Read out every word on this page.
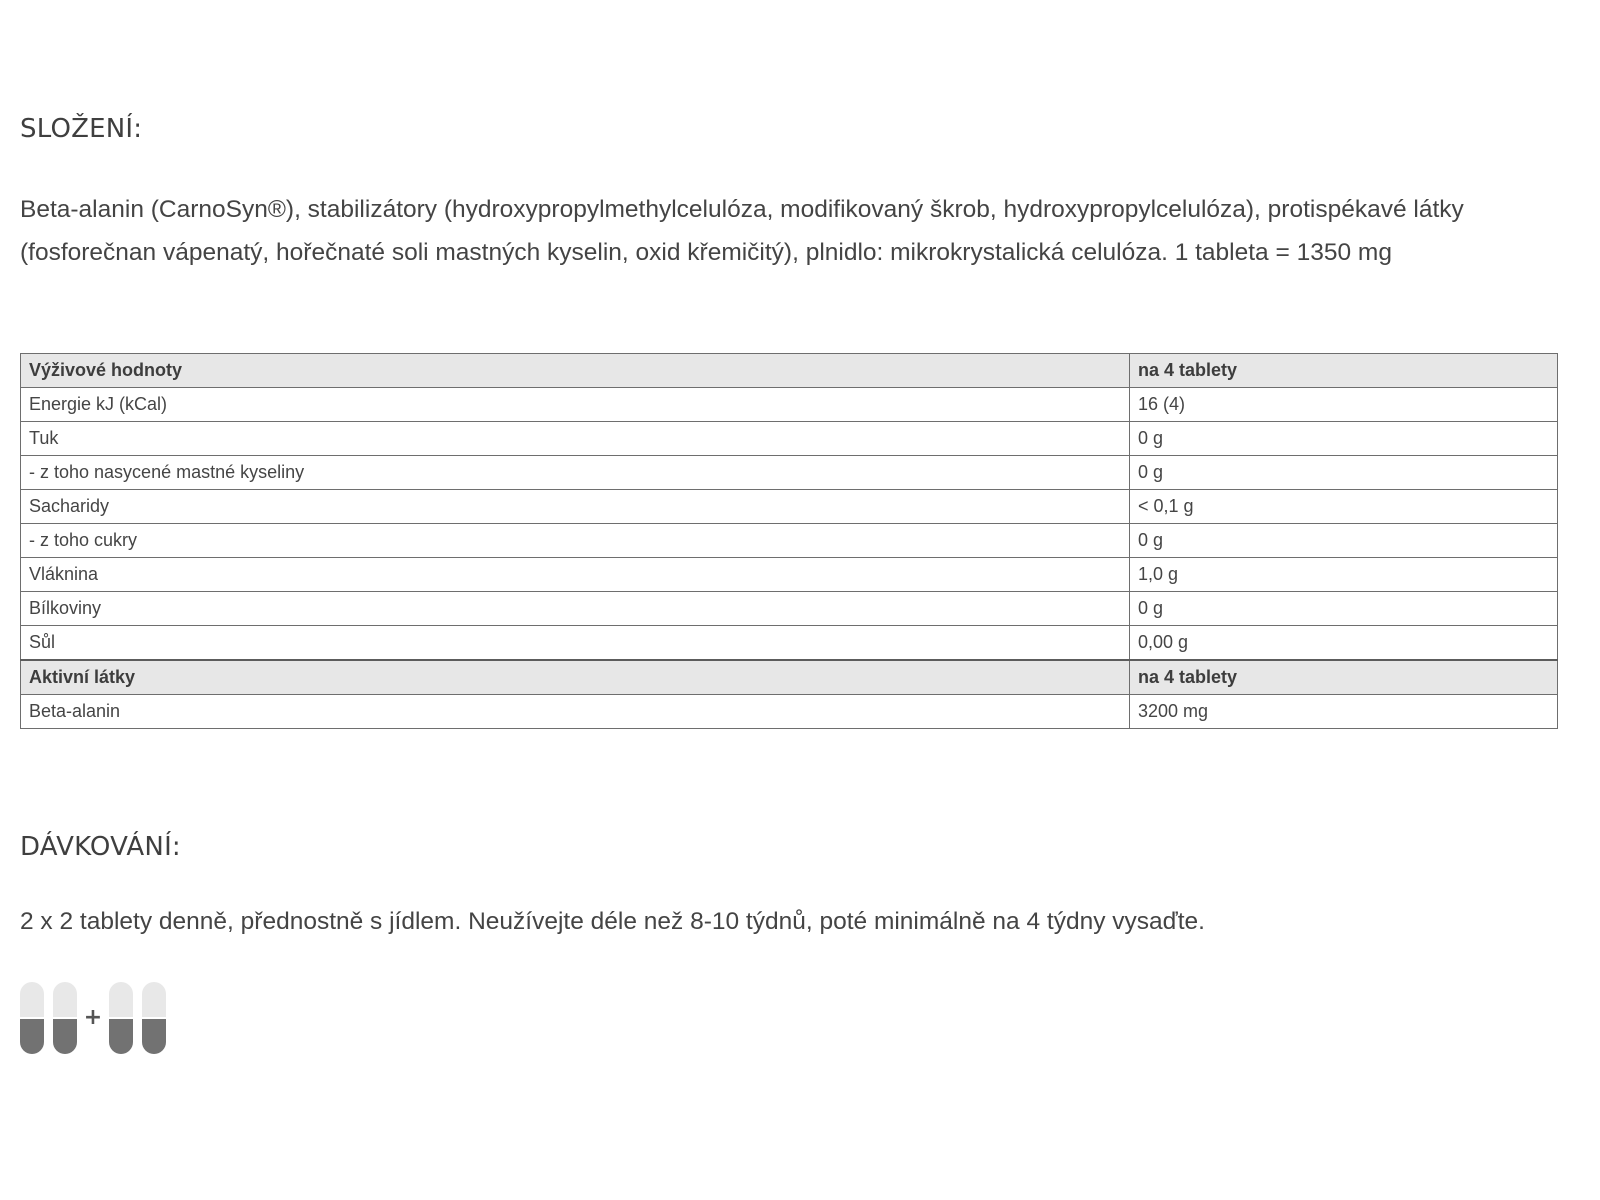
SLOŽENÍ:

Beta-alanin (CarnoSyn®), stabilizátory (hydroxypropylmethylcelulóza, modifikovaný škrob, hydroxypropylcelulóza), protispékavé látky (fosforečnan vápenatý, hořečnaté soli mastných kyselin, oxid křemičitý), plnidlo: mikrokrystalická celulóza. 1 tableta = 1350 mg

Výživové hodnoty	na 4 tablety
Energie kJ (kCal)	16 (4)
Tuk	0 g
- z toho nasycené mastné kyseliny	0 g
Sacharidy	< 0,1 g
- z toho cukry	0 g
Vláknina	1,0 g
Bílkoviny	0 g
Sůl	0,00 g
Aktivní látky	na 4 tablety
Beta-alanin	3200 mg
DÁVKOVÁNÍ:

2 x 2 tablety denně, přednostně s jídlem. Neužívejte déle než 8-10 týdnů, poté minimálně na 4 týdny vysaďte.

+
